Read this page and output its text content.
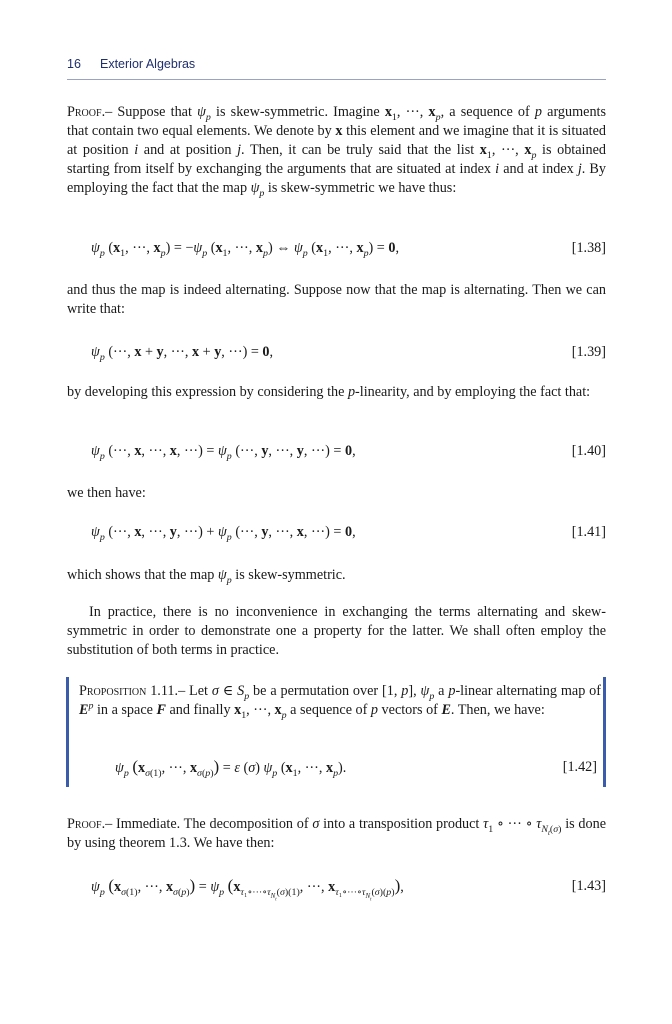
16 Exterior Algebras

Proof.– Suppose that $\psi_p$ is skew-symmetric. Imagine $x_1$, ···, $x_p$, a sequence of p arguments that contain two equal elements. We denote by x this element and we imagine that it is situated at position i and at position j. Then, it can be truly said that the list $x_1$, ···, $x_p$ is obtained starting from itself by exchanging the arguments that are situated at index i and at index j. By employing the fact that the map $\psi_p$ is skew-symmetric we have thus:

$\psi_p$ ($x_1$, ···, $x_p) = -\psi_p$ ($x_1$, ···, $x_p$) ⇔ $\psi_p$ ($x_1$, ···, $x_p) = 0$,	[1.38]

and thus the map is indeed alternating. Suppose now that the map is alternating. Then we can write that:

$\psi_p$ (···, x + y, ···, x + y, ···) = 0,	[1.39]

by developing this expression by considering the p-linearity, and by employing the fact that:

$\psi_p$ (···, x, ···, x, ···) = $\psi_p$ (···, y, ···, y, ···) = 0,	[1.40]

we then have:

$\psi_p$ (···, x, ···, y, ···) + $\psi_p$ (···, y, ···, x, ···) = 0,	[1.41]

which shows that the map $\psi_p$ is skew-symmetric.

In practice, there is no inconvenience in exchanging the terms alternating and skew-symmetric in order to demonstrate one a property for the latter. We shall often employ the substitution of both terms in practice.

Proposition 1.11.– Let σ ∈ $S_p$ be a permutation over [1, p], $\psi_p$ a p-linear alternating map of $E^p$ in a space F and finally $x_1$, ···, $x_p$ a sequence of p vectors of E. Then, we have:
$\psi_p$ ($x_{\sigma(1)}$, ···, $x_{\sigma(p)}) = \varepsilon$ (σ) $\psi_p$ ($x_1$, ···, $x_p$).	[1.42]

Proof.– Immediate. The decomposition of σ into a transposition product $\tau_1$ ∘ ··· ∘ $\tau_{N_t(\sigma)}$ is done by using theorem 1.3. We have then:

$\psi_p$ ($x_{\sigma(1)}$, ···, $x_{\sigma(p)}) = \psi_p$ ($x_{\tau_1\circ\cdot\cdot\cdot\circ\tau_{N_t}(\sigma)(1)}$, ···, $x_{\tau_1\circ\cdot\cdot\cdot\circ\tau_{N_t}(\sigma)(p)}$),	[1.43]
